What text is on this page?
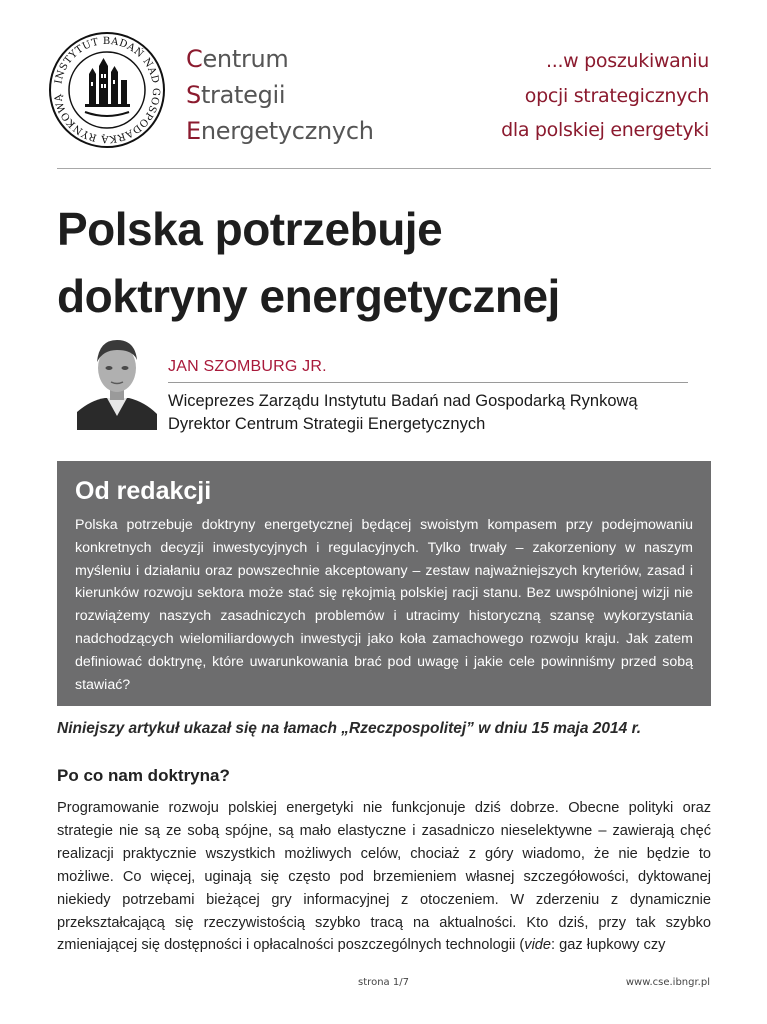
INSTYTUT BADAŃ NAD GOSPODARKĄ RYNKOWĄ
Centrum
Strategii
Energetycznych
...w poszukiwaniu
opcji strategicznych
dla polskiej energetyki
Polska potrzebuje
doktryny energetycznej
JAN SZOMBURG JR.
Wiceprezes Zarządu Instytutu Badań nad Gospodarką Rynkową
Dyrektor Centrum Strategii Energetycznych
Od redakcji

Polska potrzebuje doktryny energetycznej będącej swoistym kompasem przy podejmowaniu konkretnych decyzji inwestycyjnych i regulacyjnych. Tylko trwały – zakorzeniony w naszym myśleniu i działaniu oraz powszechnie akceptowany – zestaw najważniejszych kryteriów, zasad i kierunków rozwoju sektora może stać się rękojmią polskiej racji stanu. Bez uwspólnionej wizji nie rozwiążemy naszych zasadniczych problemów i utracimy historyczną szansę wykorzystania nadchodzących wielomiliardowych inwestycji jako koła zamachowego rozwoju kraju. Jak zatem definiować doktrynę, które uwarunkowania brać pod uwagę i jakie cele powinniśmy przed sobą stawiać?

Niniejszy artykuł ukazał się na łamach „Rzeczpospolitej” w dniu 15 maja 2014 r.
Po co nam doktryna?

Programowanie rozwoju polskiej energetyki nie funkcjonuje dziś dobrze. Obecne polityki oraz strategie nie są ze sobą spójne, są mało elastyczne i zasadniczo nieselektywne – zawierają chęć realizacji praktycznie wszystkich możliwych celów, chociaż z góry wiadomo, że nie będzie to możliwe. Co więcej, uginają się często pod brzemieniem własnej szczegółowości, dyktowanej niekiedy potrzebami bieżącej gry informacyjnej z otoczeniem. W zderzeniu z dynamicznie przekształcającą się rzeczywistością szybko tracą na aktualności. Kto dziś, przy tak szybko zmieniającej się dostępności i opłacalności poszczególnych technologii (vide: gaz łupkowy czy

strona 1/7	www.cse.ibngr.pl
